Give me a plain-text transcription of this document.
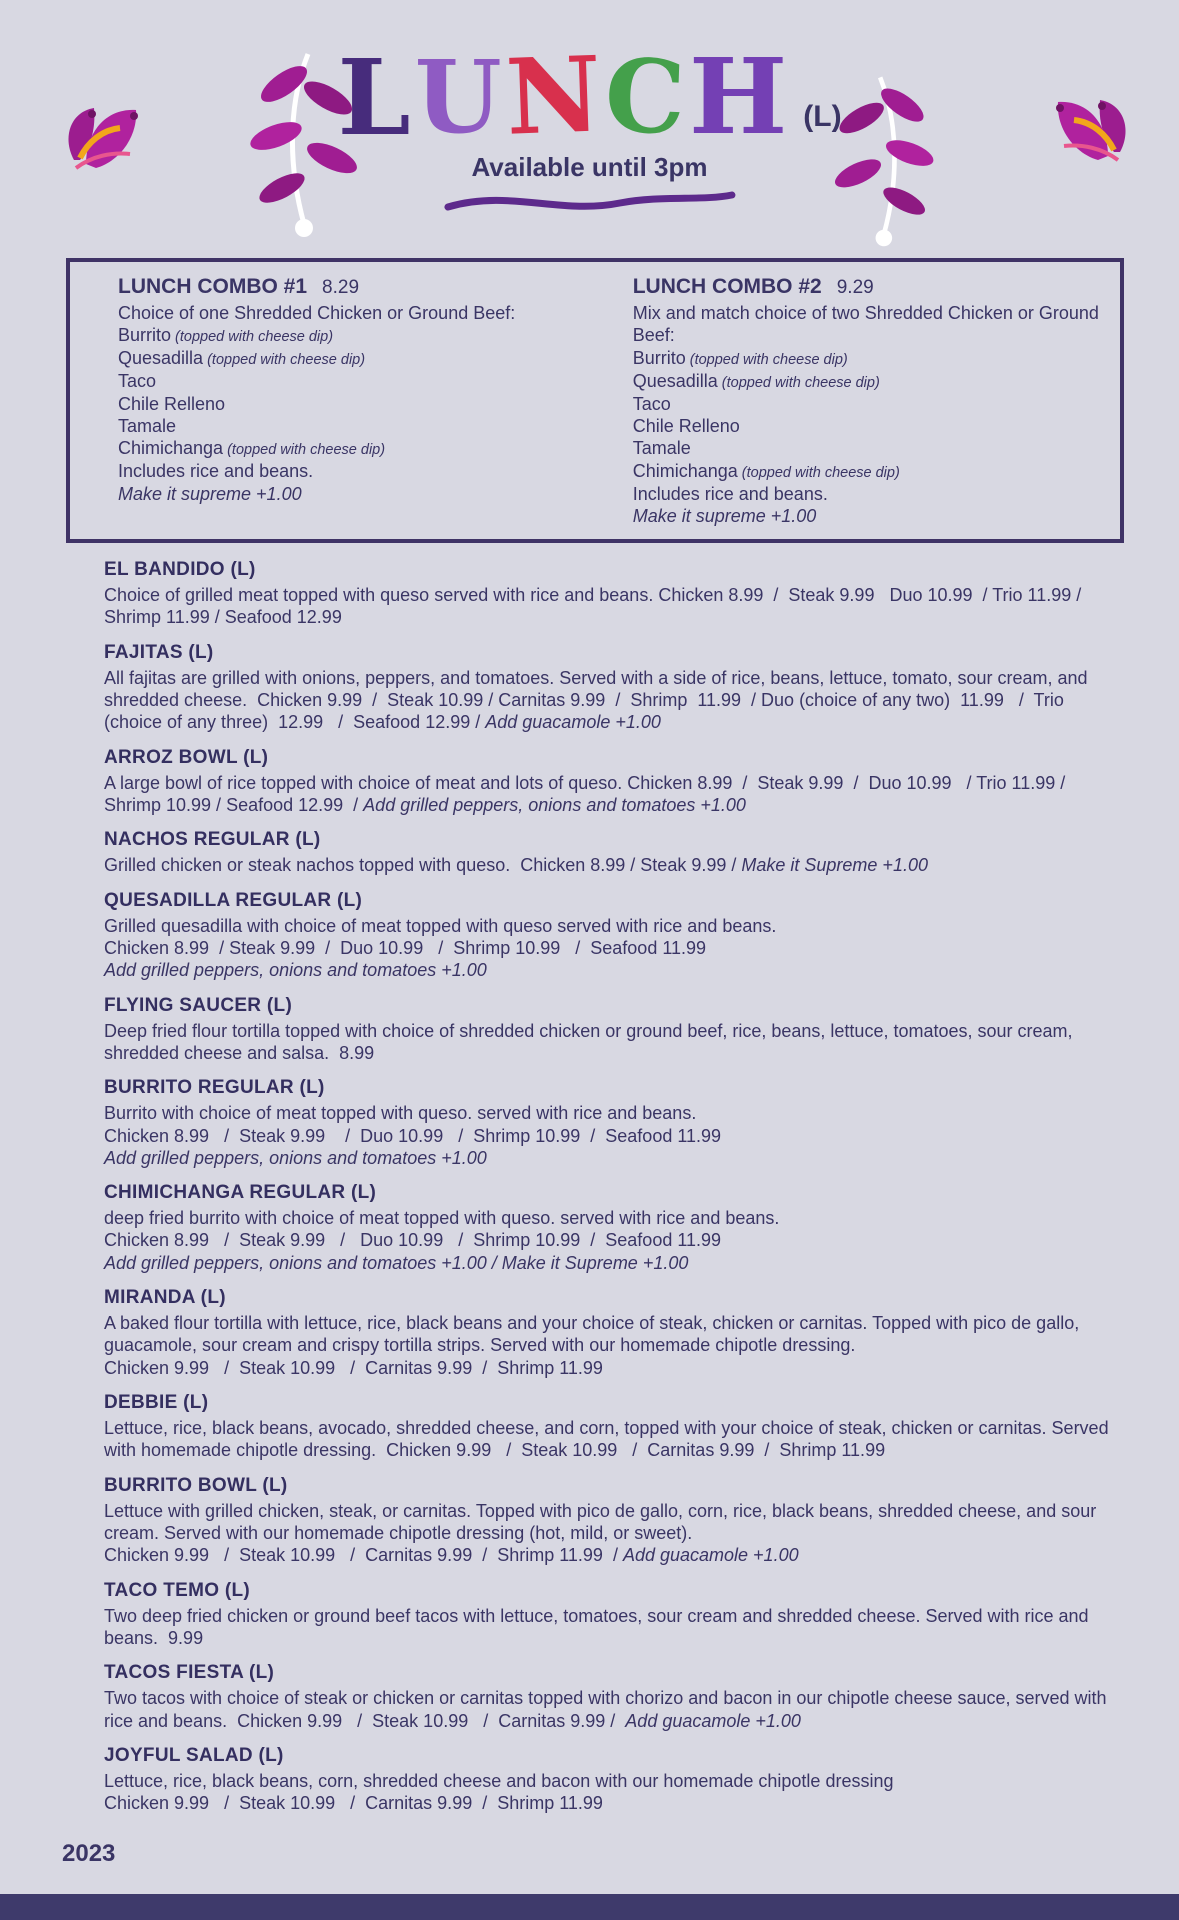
LUNCH (L)
Available until 3pm
LUNCH COMBO #1 8.29
Choice of one Shredded Chicken or Ground Beef:
Burrito (topped with cheese dip)
Quesadilla (topped with cheese dip)
Taco
Chile Relleno
Tamale
Chimichanga (topped with cheese dip)
Includes rice and beans.
Make it supreme +1.00
LUNCH COMBO #2 9.29
Mix and match choice of two Shredded Chicken or Ground Beef:
Burrito (topped with cheese dip)
Quesadilla (topped with cheese dip)
Taco
Chile Relleno
Tamale
Chimichanga (topped with cheese dip)
Includes rice and beans.
Make it supreme +1.00
EL BANDIDO (L)
Choice of grilled meat topped with queso served with rice and beans. Chicken 8.99  /  Steak 9.99   Duo 10.99  / Trio 11.99 / Shrimp 11.99 / Seafood 12.99
FAJITAS (L)
All fajitas are grilled with onions, peppers, and tomatoes. Served with a side of rice, beans, lettuce, tomato, sour cream, and shredded cheese.  Chicken 9.99  /  Steak 10.99 / Carnitas 9.99  /  Shrimp  11.99  / Duo (choice of any two)  11.99   /  Trio (choice of any three)  12.99   /  Seafood 12.99 / Add guacamole +1.00
ARROZ BOWL (L)
A large bowl of rice topped with choice of meat and lots of queso. Chicken 8.99  /  Steak 9.99  /  Duo 10.99   / Trio 11.99 / Shrimp 10.99 / Seafood 12.99  / Add grilled peppers, onions and tomatoes +1.00
NACHOS REGULAR (L)
Grilled chicken or steak nachos topped with queso.  Chicken 8.99 / Steak 9.99 / Make it Supreme +1.00
QUESADILLA REGULAR (L)
Grilled quesadilla with choice of meat topped with queso served with rice and beans.
Chicken 8.99  / Steak 9.99  /  Duo 10.99   /  Shrimp 10.99   /  Seafood 11.99
Add grilled peppers, onions and tomatoes +1.00
FLYING SAUCER (L)
Deep fried flour tortilla topped with choice of shredded chicken or ground beef, rice, beans, lettuce, tomatoes, sour cream, shredded cheese and salsa.  8.99
BURRITO REGULAR (L)
Burrito with choice of meat topped with queso. served with rice and beans.
Chicken 8.99   /  Steak 9.99    /  Duo 10.99   /  Shrimp 10.99  /  Seafood 11.99
Add grilled peppers, onions and tomatoes +1.00
CHIMICHANGA REGULAR (L)
deep fried burrito with choice of meat topped with queso. served with rice and beans.
Chicken 8.99   /  Steak 9.99   /   Duo 10.99   /  Shrimp 10.99  /  Seafood 11.99
Add grilled peppers, onions and tomatoes +1.00 / Make it Supreme +1.00
MIRANDA (L)
A baked flour tortilla with lettuce, rice, black beans and your choice of steak, chicken or carnitas. Topped with pico de gallo, guacamole, sour cream and crispy tortilla strips. Served with our homemade chipotle dressing.
Chicken 9.99   /  Steak 10.99   /  Carnitas 9.99  /  Shrimp 11.99
DEBBIE (L)
Lettuce, rice, black beans, avocado, shredded cheese, and corn, topped with your choice of steak, chicken or carnitas. Served with homemade chipotle dressing.  Chicken 9.99   /  Steak 10.99   /  Carnitas 9.99  /  Shrimp 11.99
BURRITO BOWL (L)
Lettuce with grilled chicken, steak, or carnitas. Topped with pico de gallo, corn, rice, black beans, shredded cheese, and sour cream. Served with our homemade chipotle dressing (hot, mild, or sweet).
Chicken 9.99   /  Steak 10.99   /  Carnitas 9.99  /  Shrimp 11.99  / Add guacamole +1.00
TACO TEMO (L)
Two deep fried chicken or ground beef tacos with lettuce, tomatoes, sour cream and shredded cheese. Served with rice and beans.  9.99
TACOS FIESTA (L)
Two tacos with choice of steak or chicken or carnitas topped with chorizo and bacon in our chipotle cheese sauce, served with rice and beans.  Chicken 9.99   /  Steak 10.99   /  Carnitas 9.99 /  Add guacamole +1.00
JOYFUL SALAD (L)
Lettuce, rice, black beans, corn, shredded cheese and bacon with our homemade chipotle dressing
Chicken 9.99   /  Steak 10.99   /  Carnitas 9.99  /  Shrimp 11.99
2023
